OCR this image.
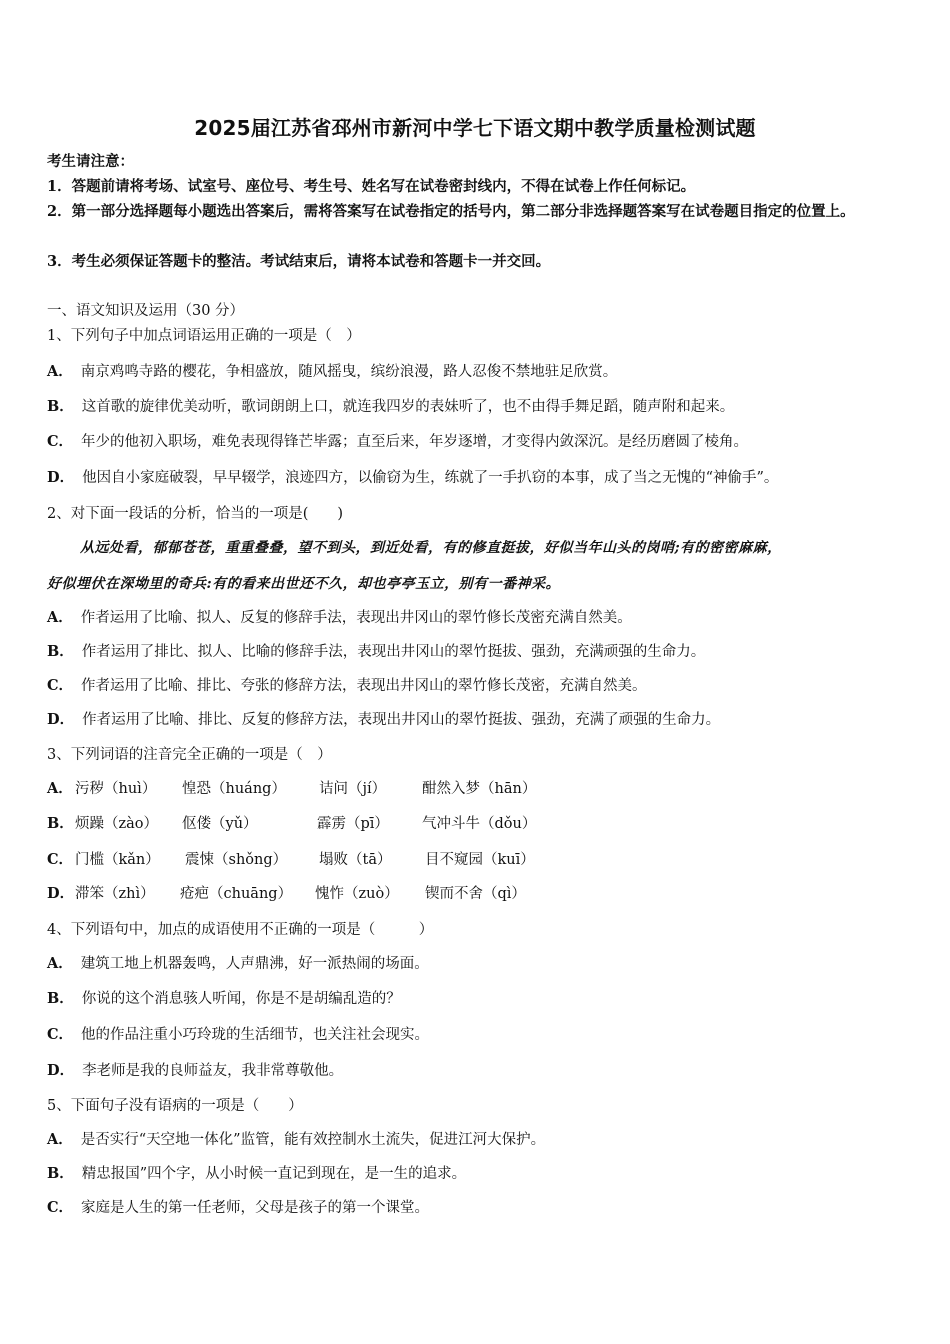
2025届江苏省邳州市新河中学七下语文期中教学质量检测试题
考生请注意：
1．答题前请将考场、试室号、座位号、考生号、姓名写在试卷密封线内，不得在试卷上作任何标记。
2．第一部分选择题每小题选出答案后，需将答案写在试卷指定的括号内，第二部分非选择题答案写在试卷题目指定的位置上。
3．考生必须保证答题卡的整洁。考试结束后，请将本试卷和答题卡一并交回。
一、语文知识及运用（30 分）
1、下列句子中加点词语运用正确的一项是（　）
A． 南京鸡鸣寺路的樱花，争相盛放，随风摇曳，缤纷浪漫，路人忍俊不禁地驻足欣赏。
B． 这首歌的旋律优美动听，歌词朗朗上口，就连我四岁的表妹听了，也不由得手舞足蹈，随声附和起来。
C． 年少的他初入职场，难免表现得锋芒毕露；直至后来，年岁逐增，才变得内敛深沉。是经历磨圆了棱角。
D． 他因自小家庭破裂，早早辍学，浪迹四方，以偷窃为生，练就了一手扒窃的本事，成了当之无愧的“神偷手”。
2、对下面一段话的分析，恰当的一项是(　　)
从远处看，郁郁苍苍，重重叠叠，望不到头，到近处看，有的修直挺拔，好似当年山头的岗哨;有的密密麻麻，
好似埋伏在深坳里的奇兵:有的看来出世还不久，却也亭亭玉立，别有一番神采。
A． 作者运用了比喻、拟人、反复的修辞手法，表现出井冈山的翠竹修长茂密充满自然美。
B． 作者运用了排比、拟人、比喻的修辞手法，表现出井冈山的翠竹挺拔、强劲，充满顽强的生命力。
C． 作者运用了比喻、排比、夸张的修辞方法，表现出井冈山的翠竹修长茂密，充满自然美。
D． 作者运用了比喻、排比、反复的修辞方法，表现出井冈山的翠竹挺拔、强劲，充满了顽强的生命力。
3、下列词语的注音完全正确的一项是（　）
A． 污秽（huì） 惶恐（huáng） 诘问（jí） 酣然入梦（hān）
B． 烦躁（zào） 伛偻（yǔ）	霹雳（pī） 气冲斗牛（dǒu）
C． 门槛（kǎn） 震悚（shǒng） 塌败（tā） 目不窥园（kuī）
D． 滞笨（zhì） 疮疤（chuāng） 愧怍（zuò） 锲而不舍（qì）
4、下列语句中，加点的成语使用不正确的一项是（　　　）
A． 建筑工地上机器轰鸣，人声鼎沸，好一派热闹的场面。
B． 你说的这个消息骇人听闻，你是不是胡编乱造的？
C． 他的作品注重小巧玲珑的生活细节，也关注社会现实。
D． 李老师是我的良师益友，我非常尊敬他。
5、下面句子没有语病的一项是（　　）
A． 是否实行“天空地一体化”监管，能有效控制水土流失，促进江河大保护。
B． 精忠报国”四个字，从小时候一直记到现在，是一生的追求。
C． 家庭是人生的第一任老师，父母是孩子的第一个课堂。
